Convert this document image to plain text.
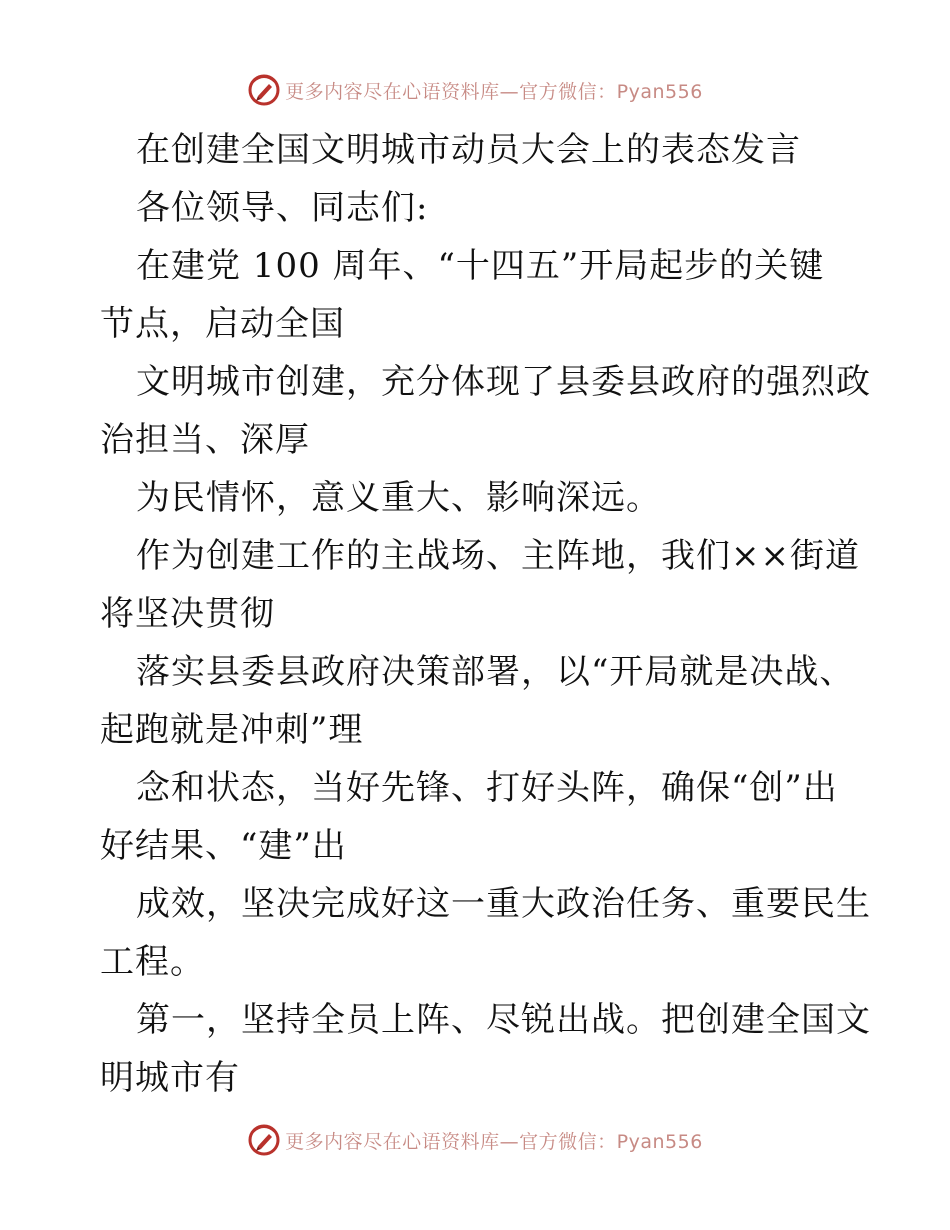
更多内容尽在心语资料库—官方微信：Pyan556
在创建全国文明城市动员大会上的表态发言
各位领导、同志们:
在建党 100 周年、“十四五”开局起步的关键
节点，启动全国
文明城市创建，充分体现了县委县政府的强烈政
治担当、深厚
为民情怀，意义重大、影响深远。
作为创建工作的主战场、主阵地，我们××街道
将坚决贯彻
落实县委县政府决策部署，以“开局就是决战、
起跑就是冲刺”理
念和状态，当好先锋、打好头阵，确保“创”出
好结果、“建”出
成效，坚决完成好这一重大政治任务、重要民生
工程。
第一，坚持全员上阵、尽锐出战。把创建全国文
明城市有
更多内容尽在心语资料库—官方微信：Pyan556
